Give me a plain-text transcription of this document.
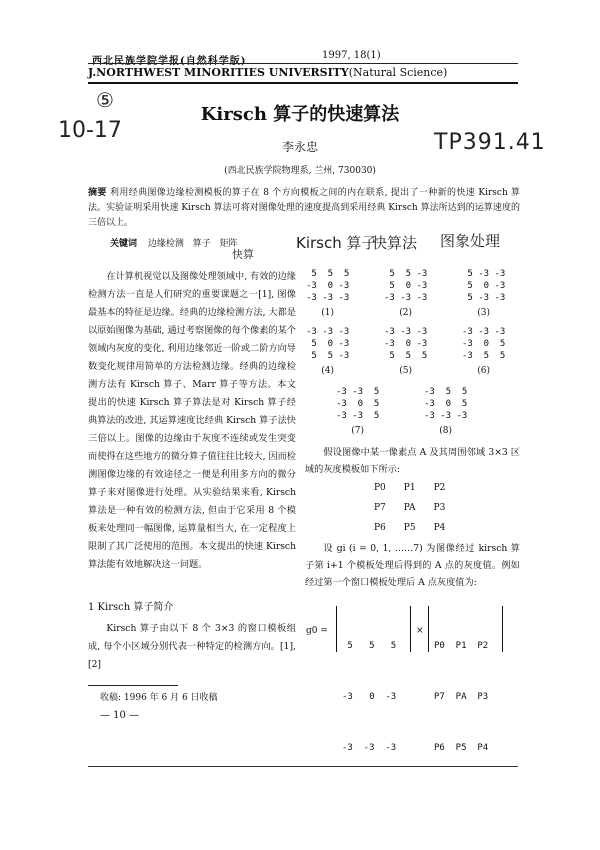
⑤
10-17	TP391.41
Kirsch 算子
快算
快算法 图象处理
西北民族学院学报(自然科学版)
1997, 18(1)
J.NORTHWEST MINORITIES UNIVERSITY(Natural Science)
Kirsch 算子的快速算法
李永忠
(西北民族学院物理系, 兰州, 730030)
摘要 利用经典图像边缘检测模板的算子在 8 个方向模板之间的内在联系, 提出了一种新的快速 Kirsch 算法。实验证明采用快速 Kirsch 算法可将对图像处理的速度提高到采用经典 Kirsch 算法所达到的运算速度的三倍以上。
关键词 边缘检测 算子 矩阵

在计算机视觉以及图像处理领域中, 有效的边缘检测方法一直是人们研究的重要课题之一[1], 图像最基本的特征是边缘。经典的边缘检测方法, 大都是以原始图像为基础, 通过考察图像的每个像素的某个领域内灰度的变化, 利用边缘邻近一阶或二阶方向导数变化规律用简单的方法检测边缘。经典的边缘检测方法有 Kirsch 算子、Marr 算子等方法。本文提出的快速 Kirsch 算子算法是对 Kirsch 算子经典算法的改进, 其运算速度比经典 Kirsch 算子法快三倍以上。图像的边缘由于灰度不连续或发生突变而使得在这些地方的微分算子值往往比较大, 因而检测图像边缘的有效途径之一便是利用多方向的微分算子来对图像进行处理。从实验结果来看, Kirsch 算法是一种有效的检测方法, 但由于它采用 8 个模板来处理同一幅图像, 运算量相当大, 在一定程度上限制了其广泛使用的范围。本文提出的快速 Kirsch 算法能有效地解决这一问题。

1 Kirsch 算子简介

Kirsch 算子由以下 8 个 3×3 的窗口模板组成, 每个小区域分别代表一种特定的检测方向。[1],[2]

5  5  5
-3  0 -3
-3 -3 -3
(1)
5  5 -3
5  0 -3
-3 -3 -3
(2)
5 -3 -3
5  0 -3
5 -3 -3
(3)
-3 -3 -3
5  0 -3
5  5 -3
(4)
-3 -3 -3
-3  0 -3
5  5  5
(5)
-3 -3 -3
-3  0  5
-3  5  5
(6)
-3 -3  5
-3  0  5
-3 -3  5
(7)
-3  5  5
-3  0  5
-3 -3 -3
(8)

假设图像中某一像素点 A 及其周围邻域 3×3 区域的灰度模板如下所示:

P0 P1 P2
P7 PA P3
P6 P5 P4

设 gi (i = 0, 1, ……7) 为图像经过 kirsch 算子第 i+1 个模板处理后得到的 A 点的灰度值。例如经过第一个窗口模板处理后 A 点灰度值为:

g0 =

5   5   5

-3   0  -3

-3  -3  -3

×

P0  P1  P2

P7  PA  P3

P6  P5  P4

收稿: 1996 年 6 月 6 日收稿
— 10 —
